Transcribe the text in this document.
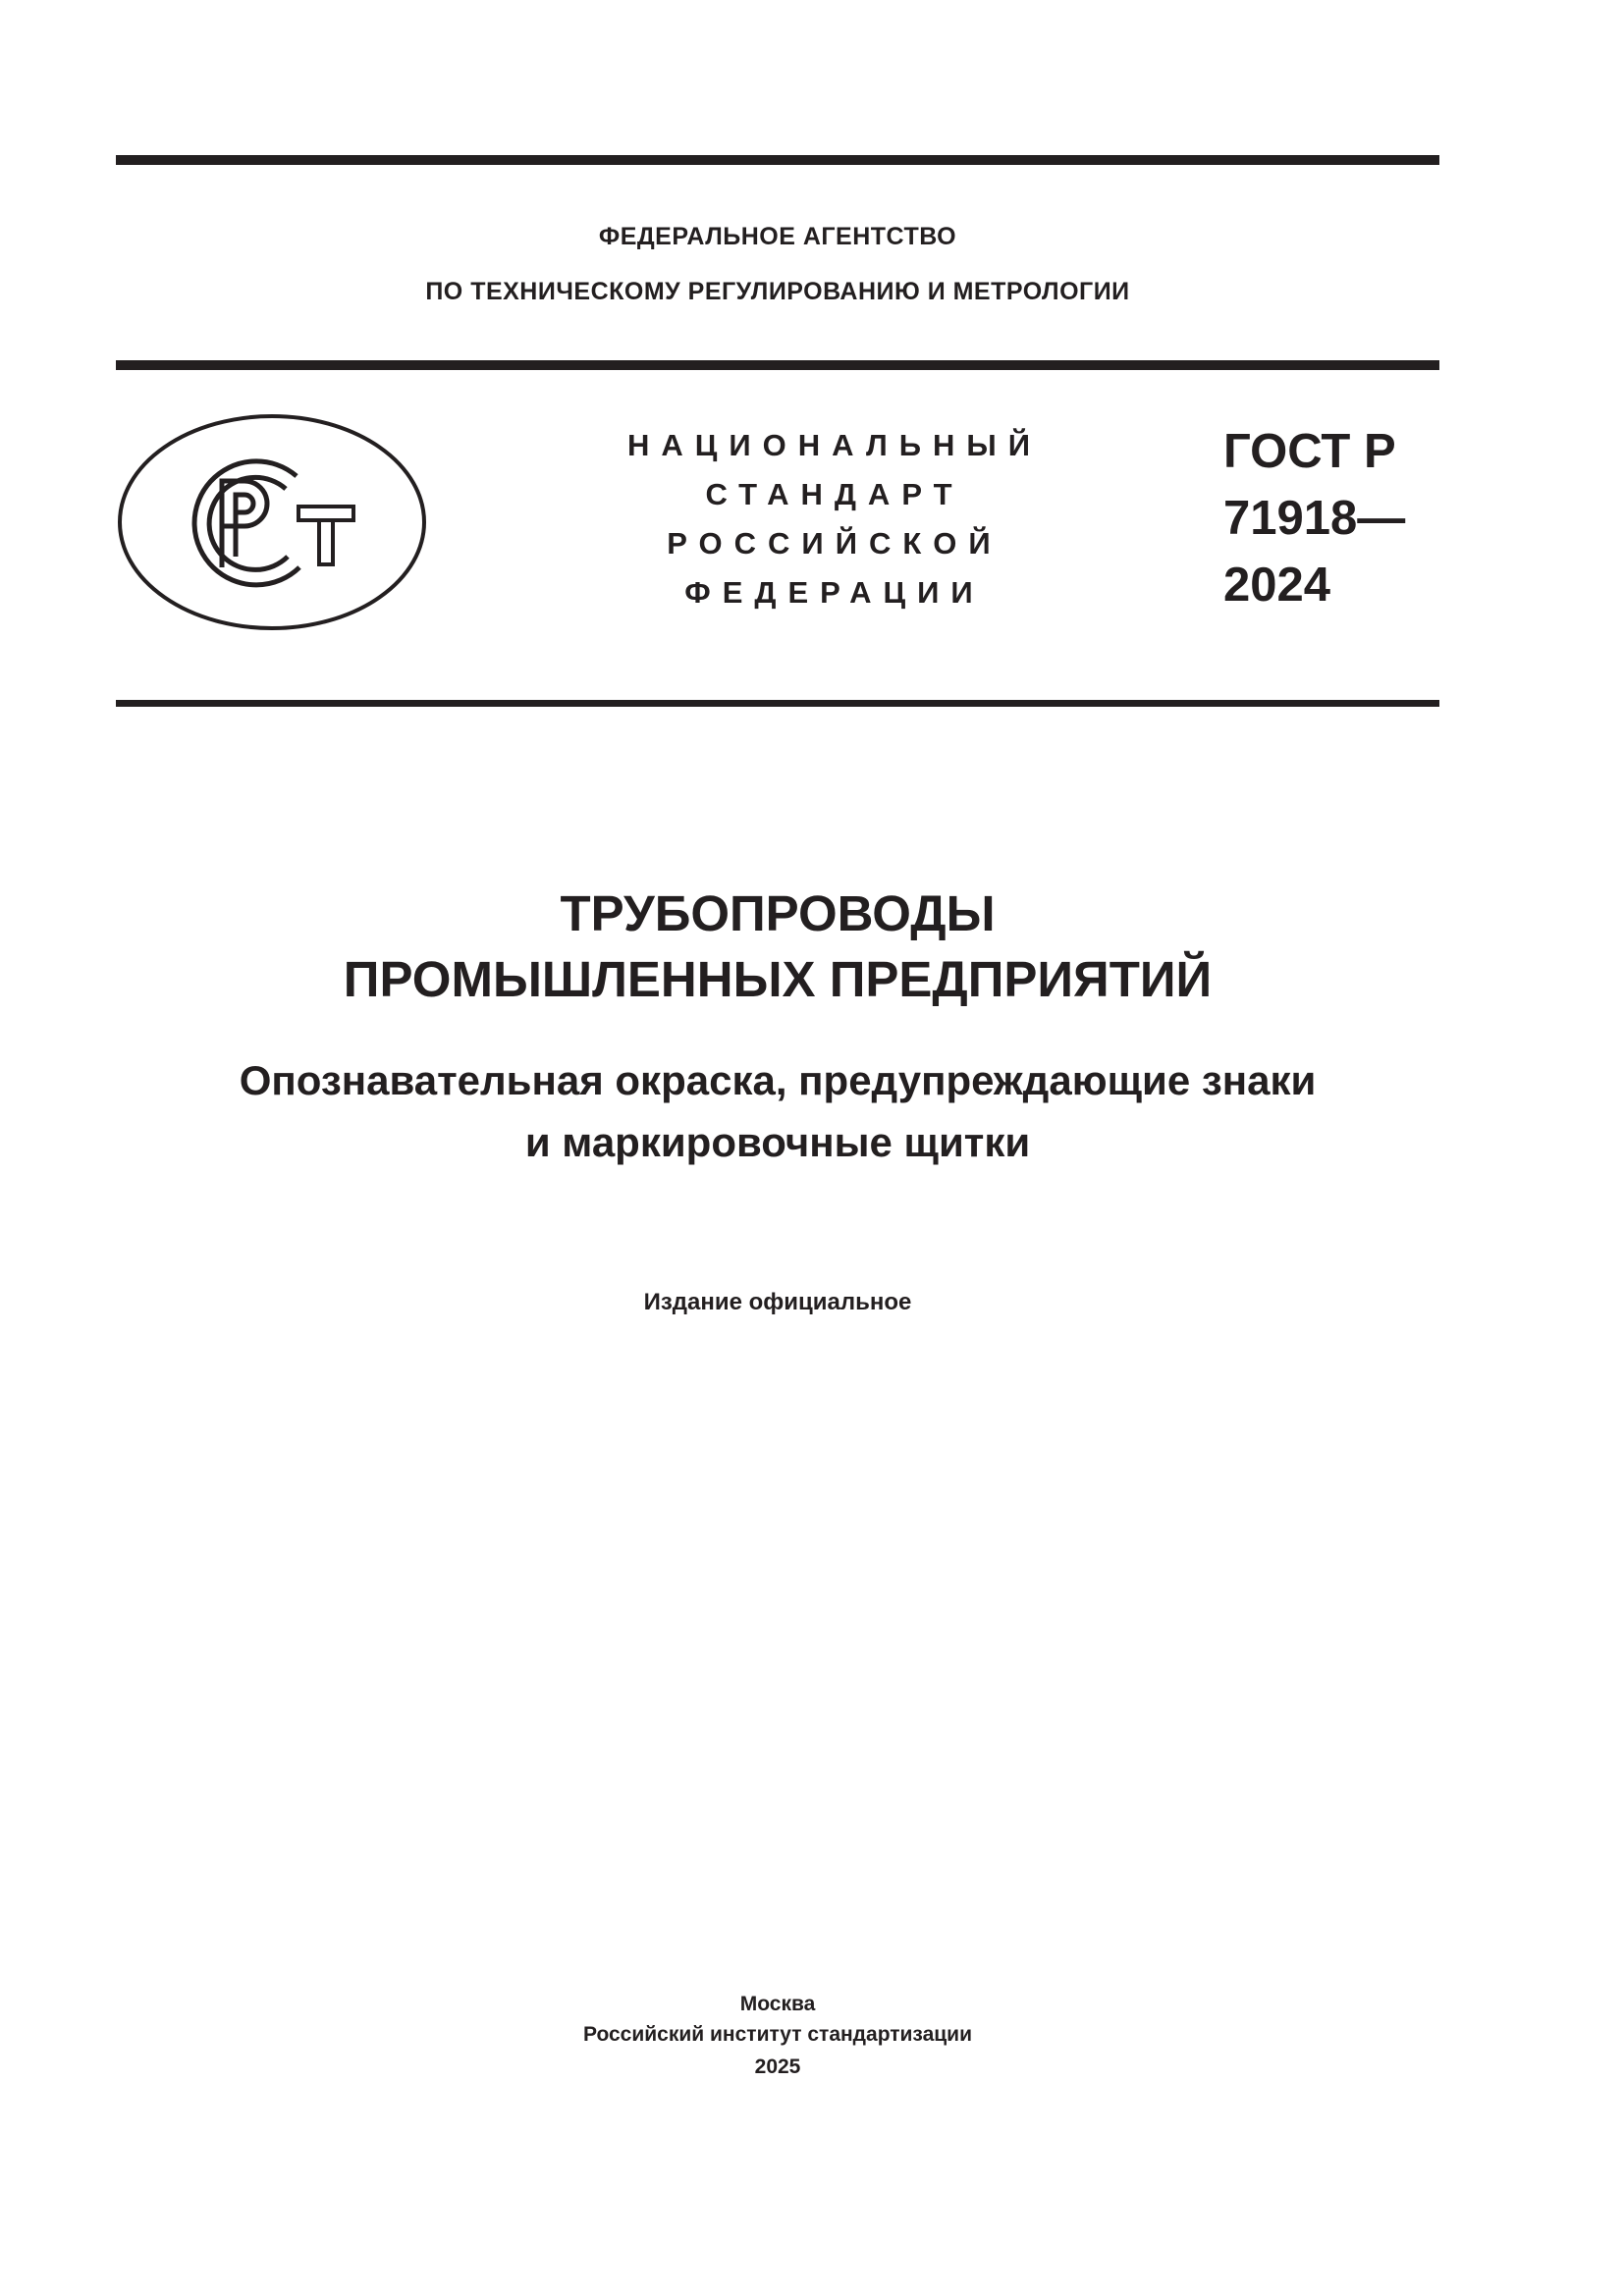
ФЕДЕРАЛЬНОЕ АГЕНТСТВО
ПО ТЕХНИЧЕСКОМУ РЕГУЛИРОВАНИЮ И МЕТРОЛОГИИ
НАЦИОНАЛЬНЫЙ
СТАНДАРТ
РОССИЙСКОЙ
ФЕДЕРАЦИИ
ГОСТ Р
71918—
2024
ТРУБОПРОВОДЫ
ПРОМЫШЛЕННЫХ ПРЕДПРИЯТИЙ
Опознавательная окраска, предупреждающие знаки
и маркировочные щитки
Издание официальное
Москва
Российский институт стандартизации
2025
